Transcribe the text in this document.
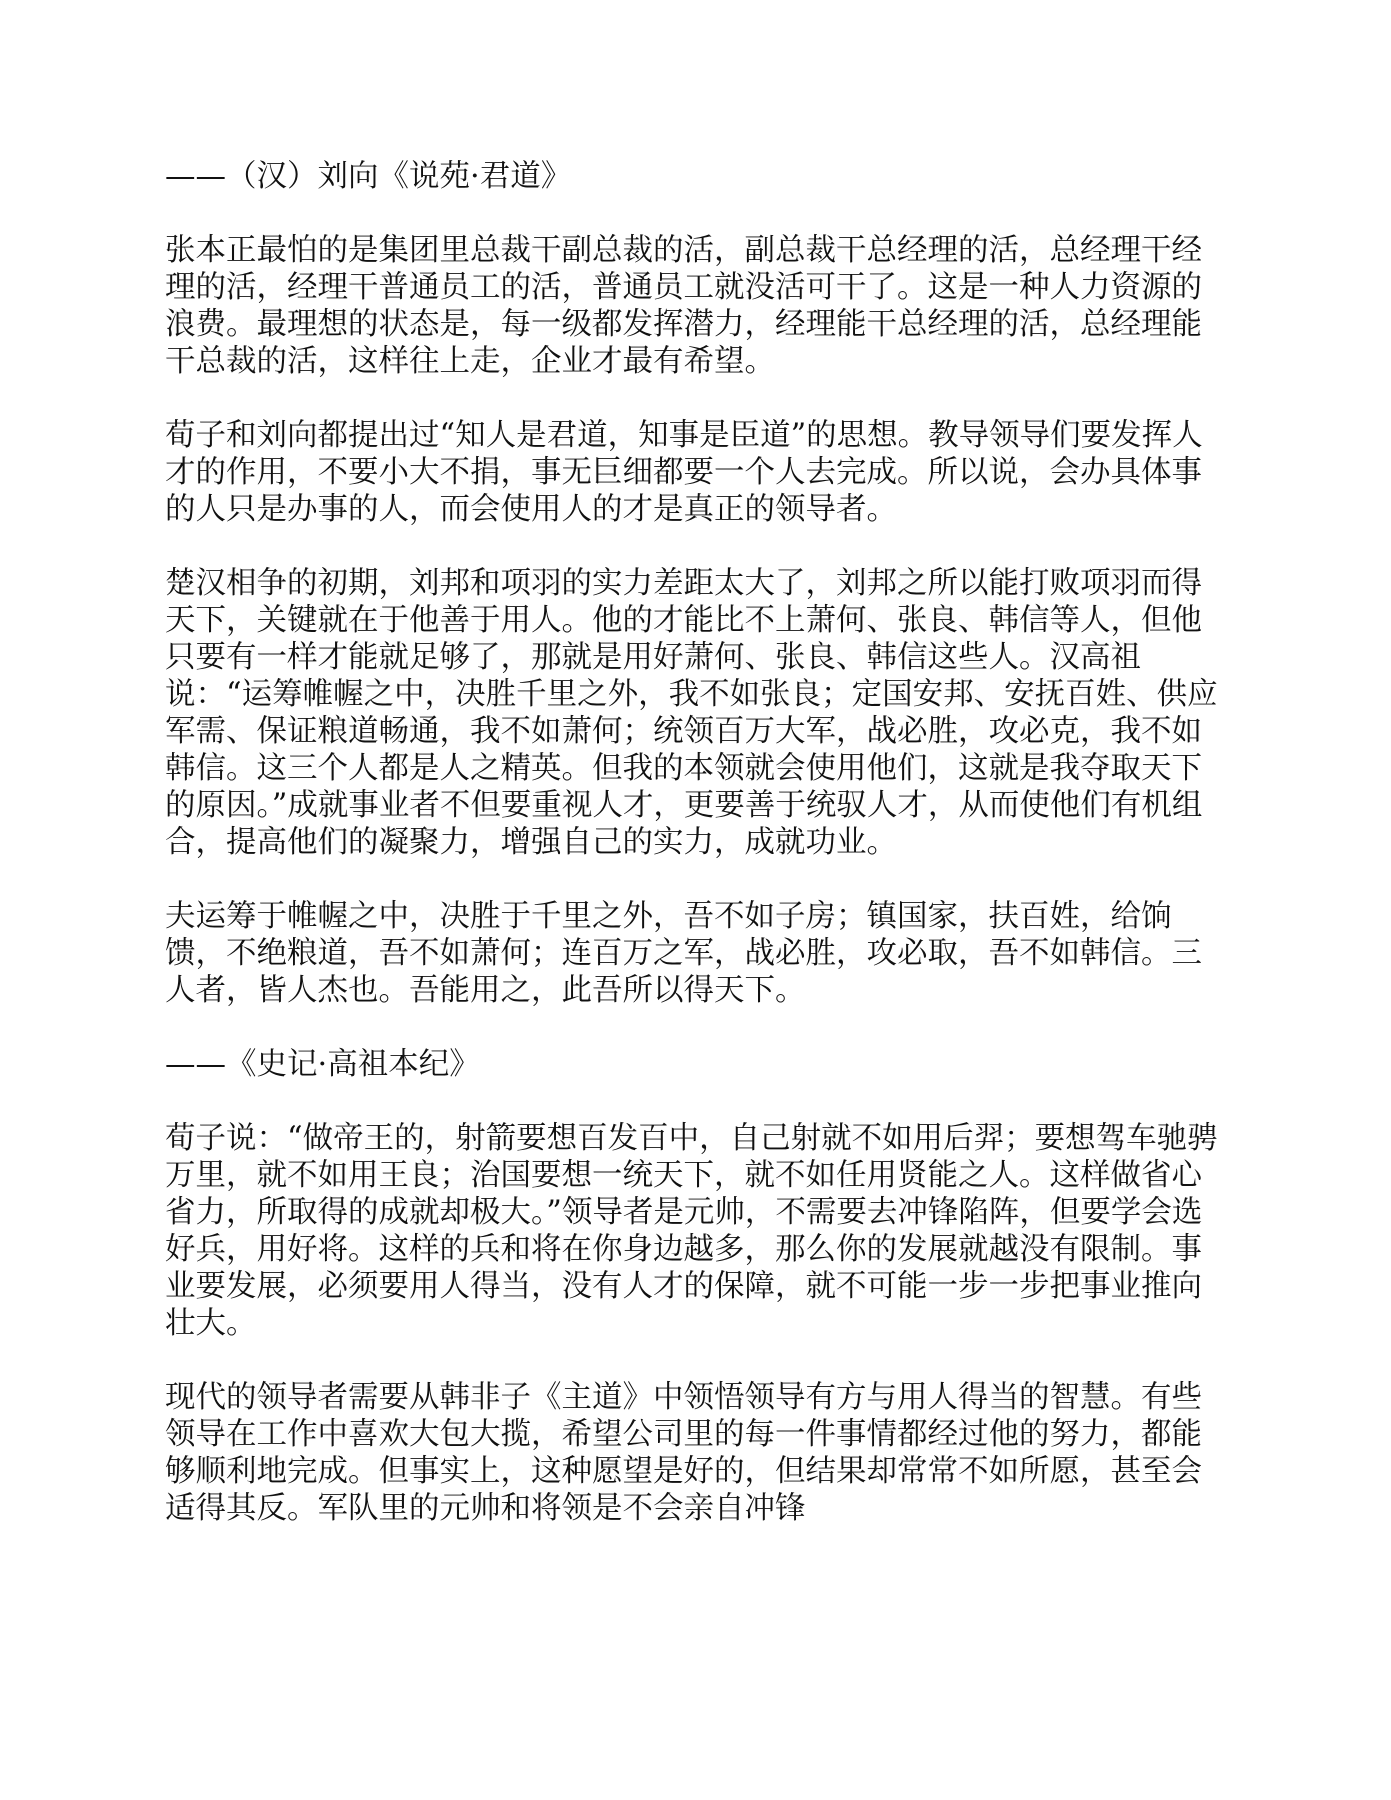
——（汉）刘向《说苑·君道》

张本正最怕的是集团里总裁干副总裁的活，副总裁干总经理的活，总经理干经理的活，经理干普通员工的活，普通员工就没活可干了。这是一种人力资源的浪费。最理想的状态是，每一级都发挥潜力，经理能干总经理的活，总经理能干总裁的活，这样往上走，企业才最有希望。

荀子和刘向都提出过“知人是君道，知事是臣道”的思想。教导领导们要发挥人才的作用，不要小大不捐，事无巨细都要一个人去完成。所以说，会办具体事的人只是办事的人，而会使用人的才是真正的领导者。

楚汉相争的初期，刘邦和项羽的实力差距太大了，刘邦之所以能打败项羽而得天下，关键就在于他善于用人。他的才能比不上萧何、张良、韩信等人，但他只要有一样才能就足够了，那就是用好萧何、张良、韩信这些人。汉高祖说：“运筹帷幄之中，决胜千里之外，我不如张良；定国安邦、安抚百姓、供应军需、保证粮道畅通，我不如萧何；统领百万大军，战必胜，攻必克，我不如韩信。这三个人都是人之精英。但我的本领就会使用他们，这就是我夺取天下的原因。”成就事业者不但要重视人才，更要善于统驭人才，从而使他们有机组合，提高他们的凝聚力，增强自己的实力，成就功业。

夫运筹于帷幄之中，决胜于千里之外，吾不如子房；镇国家，扶百姓，给饷馈，不绝粮道，吾不如萧何；连百万之军，战必胜，攻必取，吾不如韩信。三人者，皆人杰也。吾能用之，此吾所以得天下。

——《史记·高祖本纪》

荀子说：“做帝王的，射箭要想百发百中，自己射就不如用后羿；要想驾车驰骋万里，就不如用王良；治国要想一统天下，就不如任用贤能之人。这样做省心省力，所取得的成就却极大。”领导者是元帅，不需要去冲锋陷阵，但要学会选好兵，用好将。这样的兵和将在你身边越多，那么你的发展就越没有限制。事业要发展，必须要用人得当，没有人才的保障，就不可能一步一步把事业推向壮大。

现代的领导者需要从韩非子《主道》中领悟领导有方与用人得当的智慧。有些领导在工作中喜欢大包大揽，希望公司里的每一件事情都经过他的努力，都能够顺利地完成。但事实上，这种愿望是好的，但结果却常常不如所愿，甚至会适得其反。军队里的元帅和将领是不会亲自冲锋
